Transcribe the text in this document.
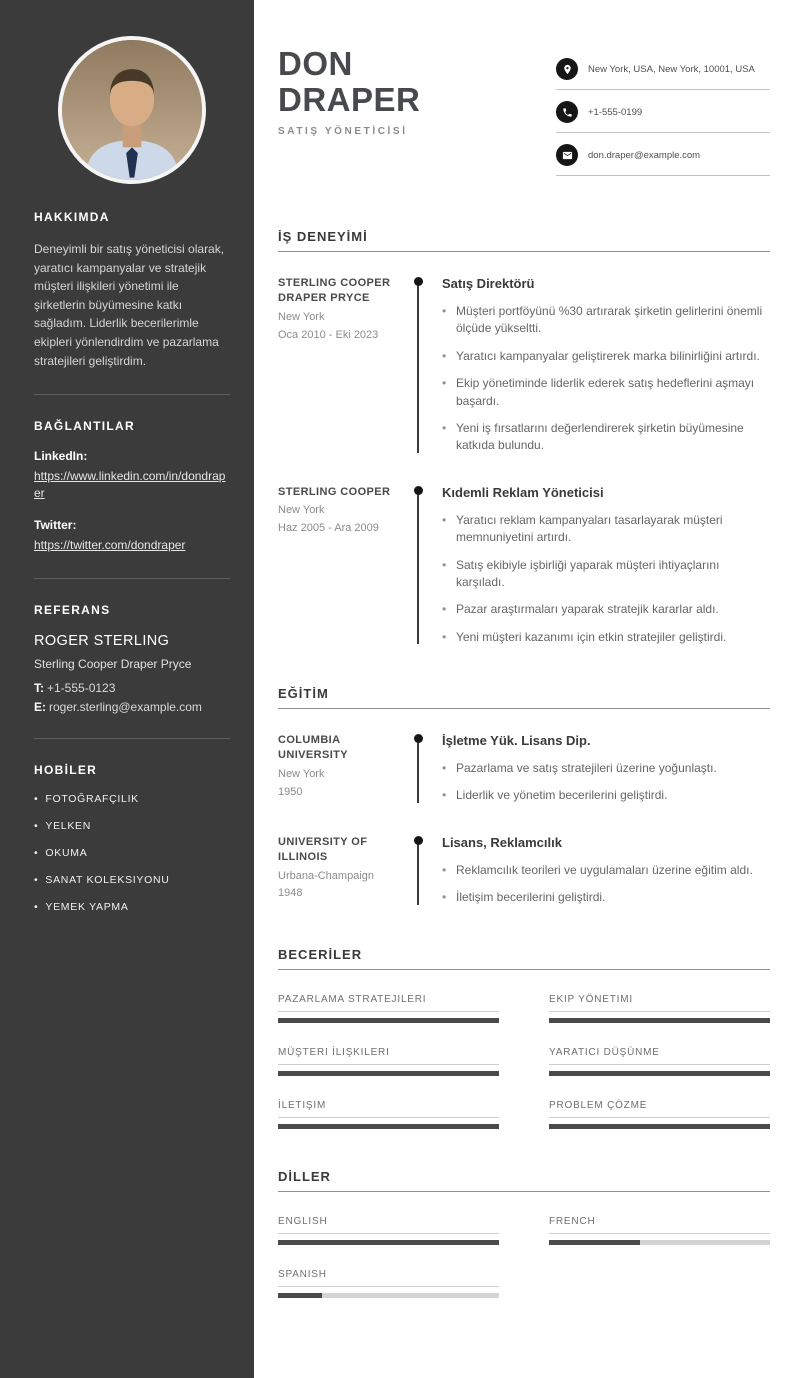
HAKKIMDA

Deneyimli bir satış yöneticisi olarak, yaratıcı kampanyalar ve stratejik müşteri ilişkileri yönetimi ile şirketlerin büyümesine katkı sağladım. Liderlik becerilerimle ekipleri yönlendirdim ve pazarlama stratejileri geliştirdim.

BAĞLANTILAR
LinkedIn:
https://www.linkedin.com/in/dondraper
Twitter:
https://twitter.com/dondraper
REFERANS
ROGER STERLING
Sterling Cooper Draper Pryce
T: +1-555-0123
E: roger.sterling@example.com
HOBİLER
• FOTOĞRAFÇILIK
• YELKEN
• OKUMA
• SANAT KOLEKSIYONU
• YEMEK YAPMA
DON
DRAPER
SATIŞ YÖNETİCİSİ
New York, USA, New York, 10001, USA
+1-555-0199
don.draper@example.com
İŞ DENEYİMİ
STERLING COOPER DRAPER PRYCE
New York
Oca 2010 - Eki 2023
Satış Direktörü
• Müşteri portföyünü %30 artırarak şirketin gelirlerini önemli ölçüde yükseltti.
• Yaratıcı kampanyalar geliştirerek marka bilinirliğini artırdı.
• Ekip yönetiminde liderlik ederek satış hedeflerini aşmayı başardı.
• Yeni iş fırsatlarını değerlendirerek şirketin büyümesine katkıda bulundu.
STERLING COOPER
New York
Haz 2005 - Ara 2009
Kıdemli Reklam Yöneticisi
• Yaratıcı reklam kampanyaları tasarlayarak müşteri memnuniyetini artırdı.
• Satış ekibiyle işbirliği yaparak müşteri ihtiyaçlarını karşıladı.
• Pazar araştırmaları yaparak stratejik kararlar aldı.
• Yeni müşteri kazanımı için etkin stratejiler geliştirdi.
EĞİTİM
COLUMBIA UNIVERSITY
New York
1950
İşletme Yük. Lisans Dip.
• Pazarlama ve satış stratejileri üzerine yoğunlaştı.
• Liderlik ve yönetim becerilerini geliştirdi.
UNIVERSITY OF ILLINOIS
Urbana-Champaign
1948
Lisans, Reklamcılık
• Reklamcılık teorileri ve uygulamaları üzerine eğitim aldı.
• İletişim becerilerini geliştirdi.
BECERİLER
PAZARLAMA STRATEJILERI	EKIP YÖNETIMI
MÜŞTERI İLIŞKILERI	YARATICI DÜŞÜNME
İLETIŞIM	PROBLEM ÇÖZME
DİLLER
ENGLISH	FRENCH
SPANISH
